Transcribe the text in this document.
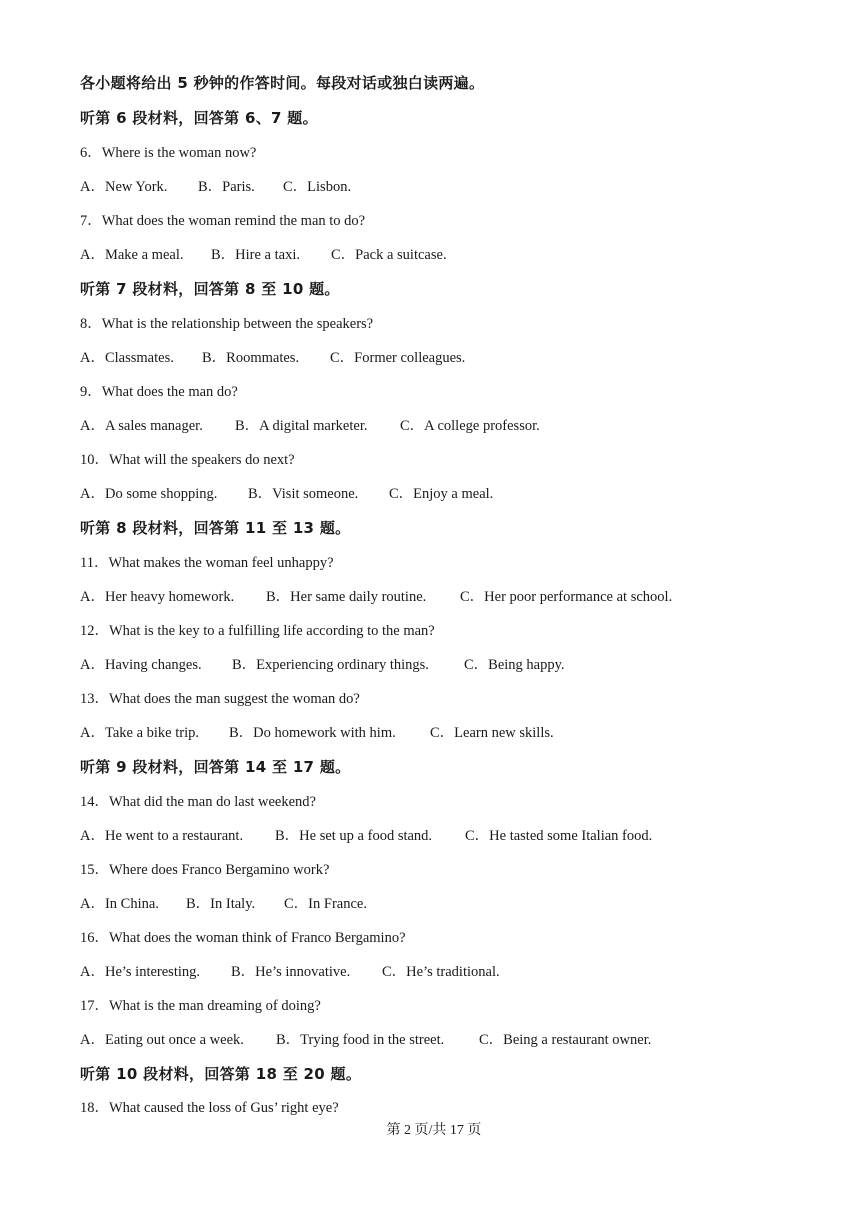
各小题将给出 5 秒钟的作答时间。每段对话或独白读两遍。
听第 6 段材料，回答第 6、7 题。
6．Where is the woman now?
A．New York. B．Paris. C．Lisbon.
7．What does the woman remind the man to do?
A．Make a meal. B．Hire a taxi. C．Pack a suitcase.
听第 7 段材料，回答第 8 至 10 题。
8．What is the relationship between the speakers?
A．Classmates. B．Roommates. C．Former colleagues.
9．What does the man do?
A．A sales manager. B．A digital marketer. C．A college professor.
10．What will the speakers do next?
A．Do some shopping. B．Visit someone. C．Enjoy a meal.
听第 8 段材料，回答第 11 至 13 题。
11．What makes the woman feel unhappy?
A．Her heavy homework. B．Her same daily routine. C．Her poor performance at school.
12．What is the key to a fulfilling life according to the man?
A．Having changes. B．Experiencing ordinary things. C．Being happy.
13．What does the man suggest the woman do?
A．Take a bike trip. B．Do homework with him. C．Learn new skills.
听第 9 段材料，回答第 14 至 17 题。
14．What did the man do last weekend?
A．He went to a restaurant. B．He set up a food stand. C．He tasted some Italian food.
15．Where does Franco Bergamino work?
A．In China. B．In Italy. C．In France.
16．What does the woman think of Franco Bergamino?
A．He’s interesting. B．He’s innovative. C．He’s traditional.
17．What is the man dreaming of doing?
A．Eating out once a week. B．Trying food in the street. C．Being a restaurant owner.
听第 10 段材料，回答第 18 至 20 题。
18．What caused the loss of Gus’ right eye?
第 2 页/共 17 页
